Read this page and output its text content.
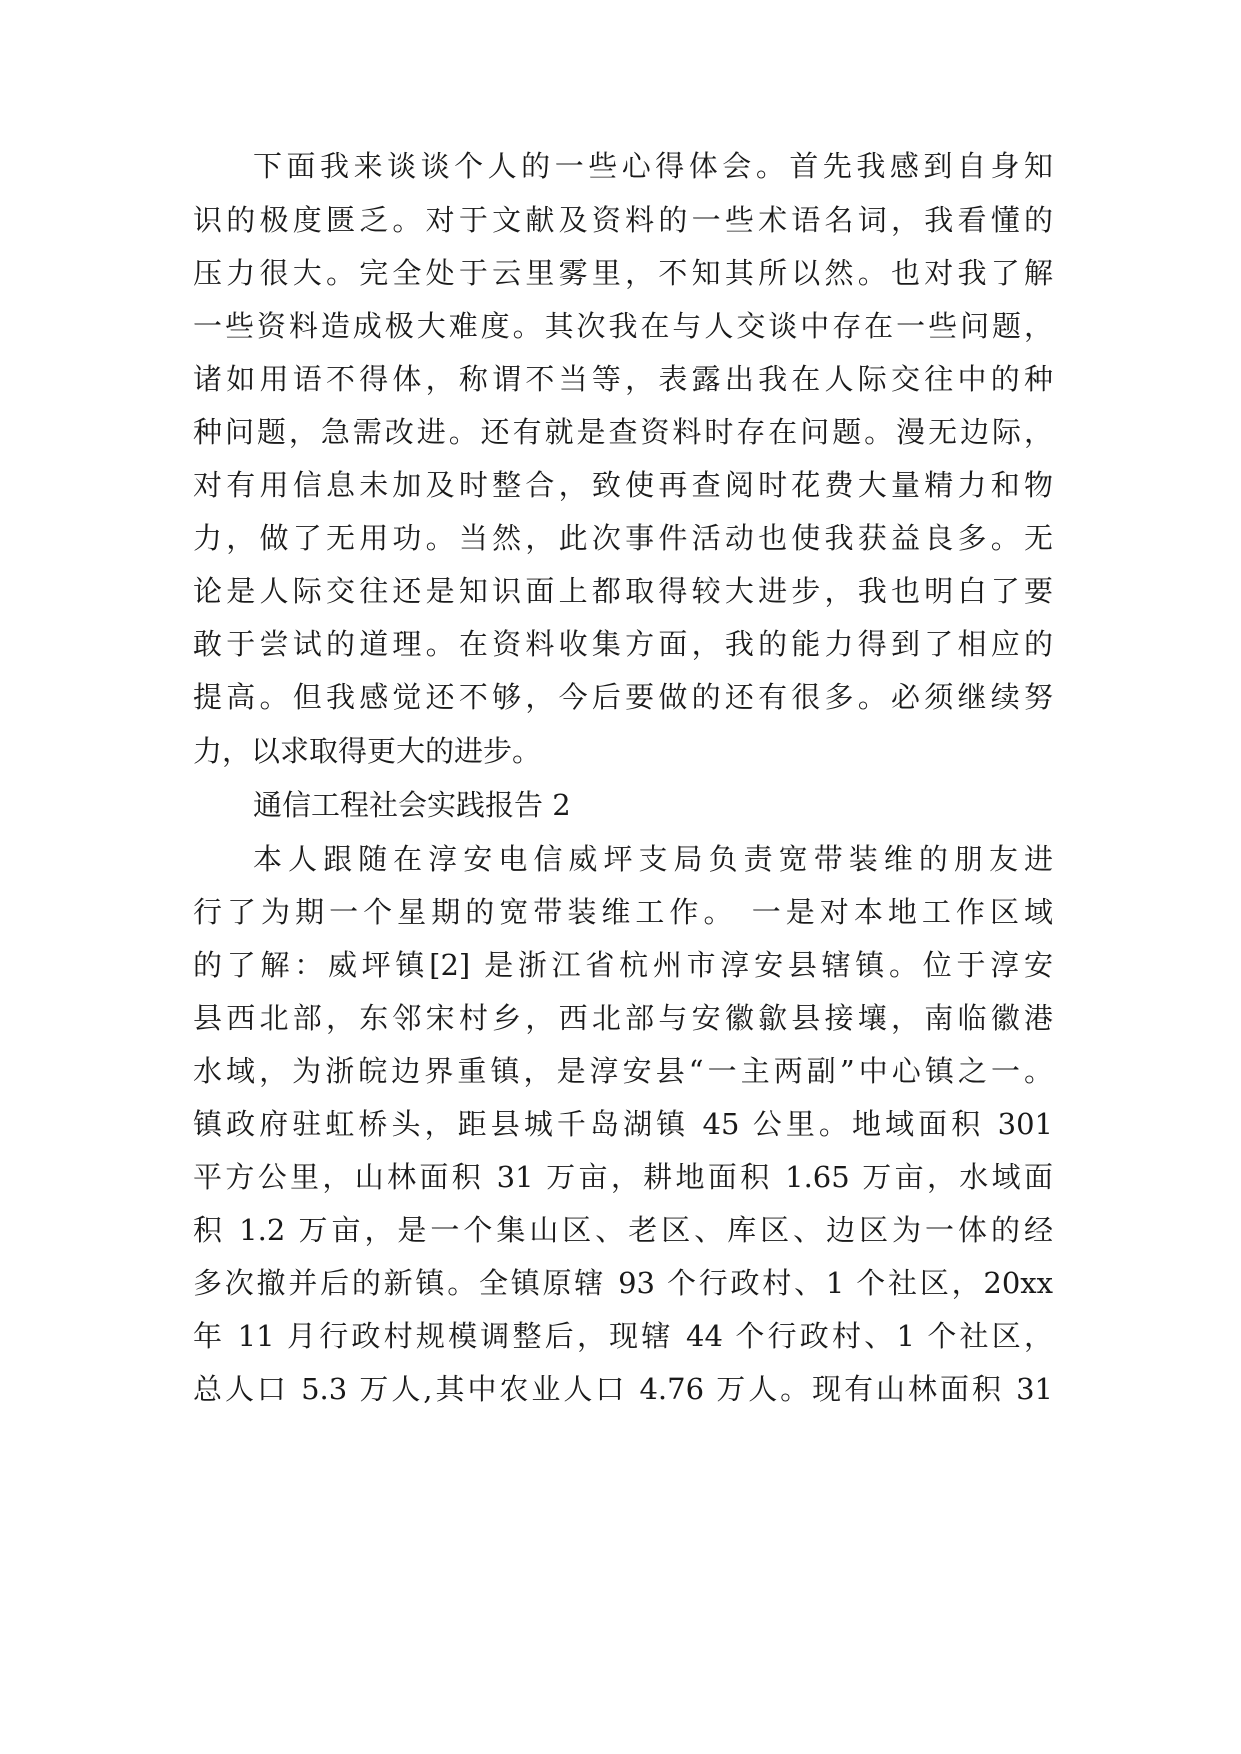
下面我来谈谈个人的一些心得体会。首先我感到自身知
识的极度匮乏。对于文献及资料的一些术语名词，我看懂的
压力很大。完全处于云里雾里，不知其所以然。也对我了解
一些资料造成极大难度。其次我在与人交谈中存在一些问题，
诸如用语不得体，称谓不当等，表露出我在人际交往中的种
种问题，急需改进。还有就是查资料时存在问题。漫无边际，
对有用信息未加及时整合，致使再查阅时花费大量精力和物
力，做了无用功。当然，此次事件活动也使我获益良多。无
论是人际交往还是知识面上都取得较大进步，我也明白了要
敢于尝试的道理。在资料收集方面，我的能力得到了相应的
提高。但我感觉还不够，今后要做的还有很多。必须继续努
力，以求取得更大的进步。
通信工程社会实践报告 2
本人跟随在淳安电信威坪支局负责宽带装维的朋友进
行了为期一个星期的宽带装维工作。 一是对本地工作区域
的了解：威坪镇[2] 是浙江省杭州市淳安县辖镇。位于淳安
县西北部，东邻宋村乡，西北部与安徽歙县接壤，南临徽港
水域，为浙皖边界重镇，是淳安县“一主两副”中心镇之一。
镇政府驻虹桥头，距县城千岛湖镇 45 公里。地域面积 301
平方公里，山林面积 31 万亩，耕地面积 1.65 万亩，水域面
积 1.2 万亩，是一个集山区、老区、库区、边区为一体的经
多次撤并后的新镇。全镇原辖 93 个行政村、1 个社区，20xx
年 11 月行政村规模调整后，现辖 44 个行政村、1 个社区，
总人口 5.3 万人,其中农业人口 4.76 万人。现有山林面积 31
